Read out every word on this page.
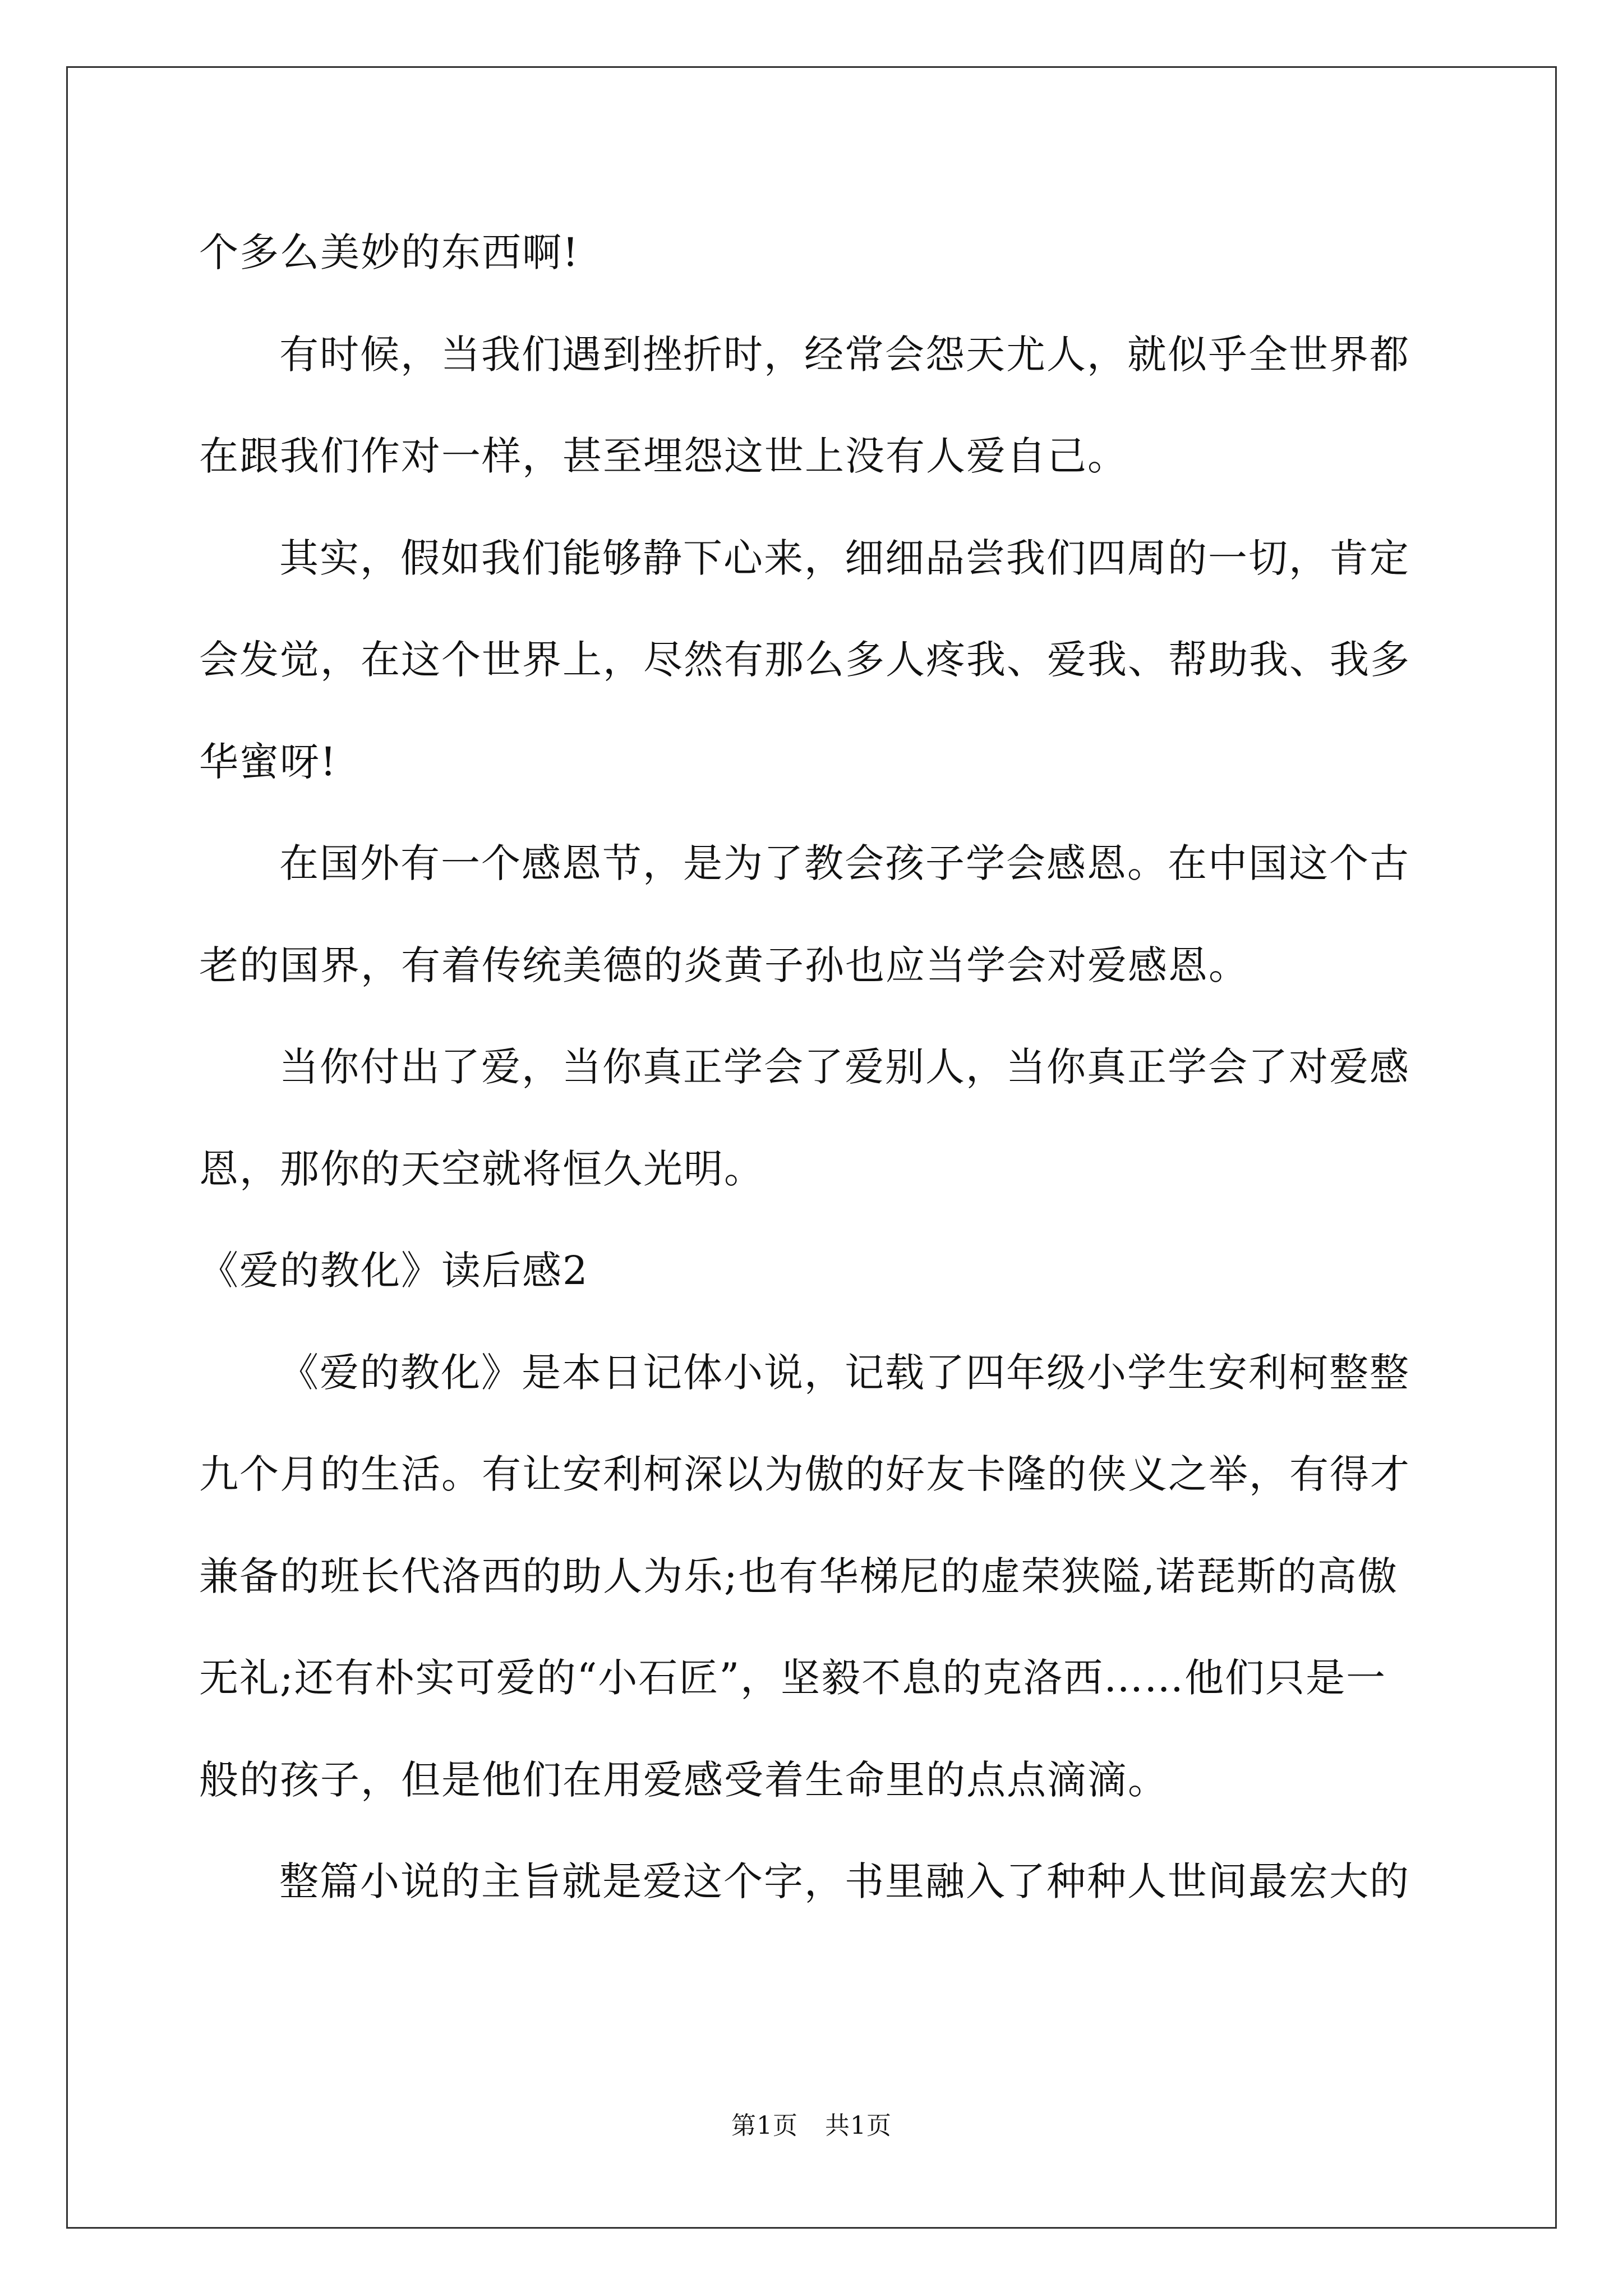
个多么美妙的东西啊!
有时候，当我们遇到挫折时，经常会怨天尤人，就似乎全世界都
在跟我们作对一样，甚至埋怨这世上没有人爱自己。
其实，假如我们能够静下心来，细细品尝我们四周的一切，肯定
会发觉，在这个世界上，尽然有那么多人疼我、爱我、帮助我、我多
华蜜呀!
在国外有一个感恩节，是为了教会孩子学会感恩。在中国这个古
老的国界，有着传统美德的炎黄子孙也应当学会对爱感恩。
当你付出了爱，当你真正学会了爱别人，当你真正学会了对爱感
恩，那你的天空就将恒久光明。
《爱的教化》读后感2
《爱的教化》是本日记体小说，记载了四年级小学生安利柯整整
九个月的生活。有让安利柯深以为傲的好友卡隆的侠义之举，有得才
兼备的班长代洛西的助人为乐;也有华梯尼的虚荣狭隘,诺琵斯的高傲
无礼;还有朴实可爱的“小石匠”，坚毅不息的克洛西……他们只是一
般的孩子，但是他们在用爱感受着生命里的点点滴滴。
整篇小说的主旨就是爱这个字，书里融入了种种人世间最宏大的
第1页 共1页
